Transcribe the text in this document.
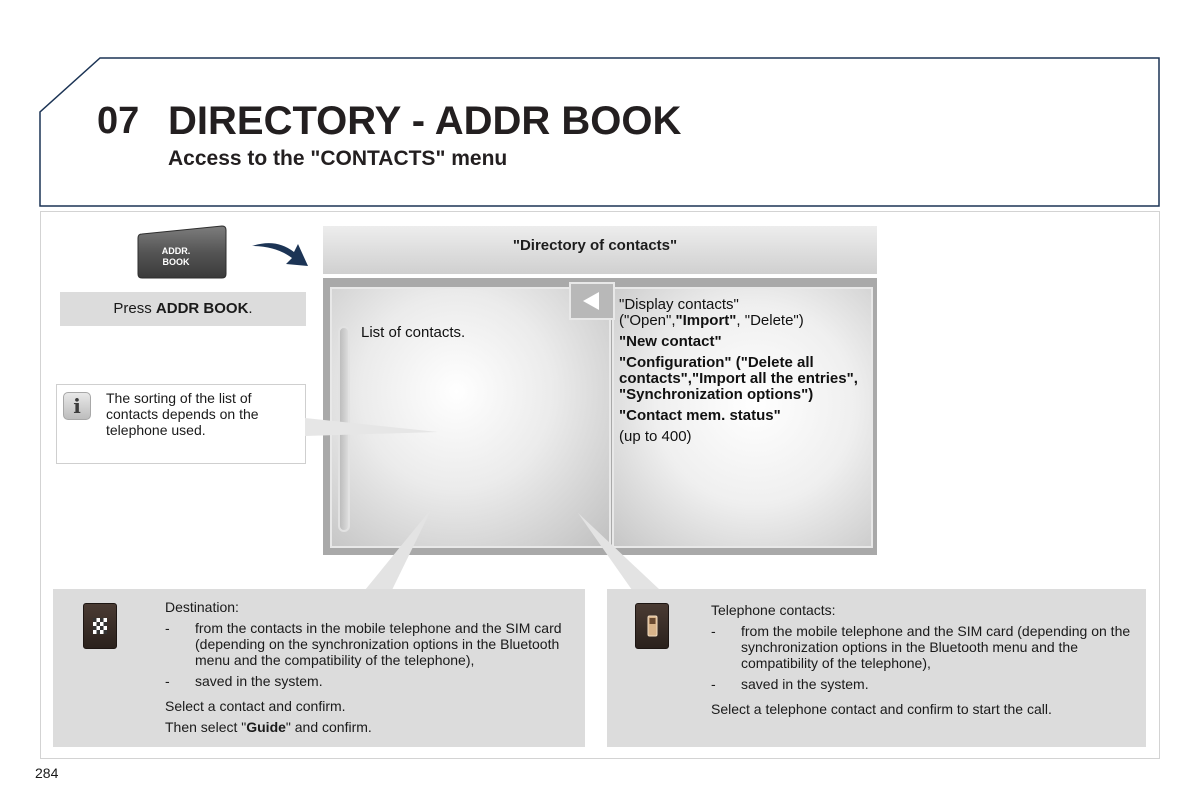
07 DIRECTORY - ADDR BOOK
Access to the "CONTACTS" menu
ADDR.
BOOK
Press ADDR BOOK.
i	The sorting of the list of contacts depends on the telephone used.
"Directory of contacts"
List of contacts.

"Display contacts"
("Open","Import", "Delete")

"New contact"

"Configuration" ("Delete all contacts","Import all the entries", "Synchronization options")

"Contact mem. status"

(up to 400)

Destination:

-	from the contacts in the mobile telephone and the SIM card (depending on the synchronization options in the Bluetooth menu and the compatibility of the telephone),
-	saved in the system.

Select a contact and confirm.

Then select "Guide" and confirm.

Telephone contacts:

-	from the mobile telephone and the SIM card (depending on the synchronization options in the Bluetooth menu and the compatibility of the telephone),
-	saved in the system.

Select a telephone contact and confirm to start the call.

284
